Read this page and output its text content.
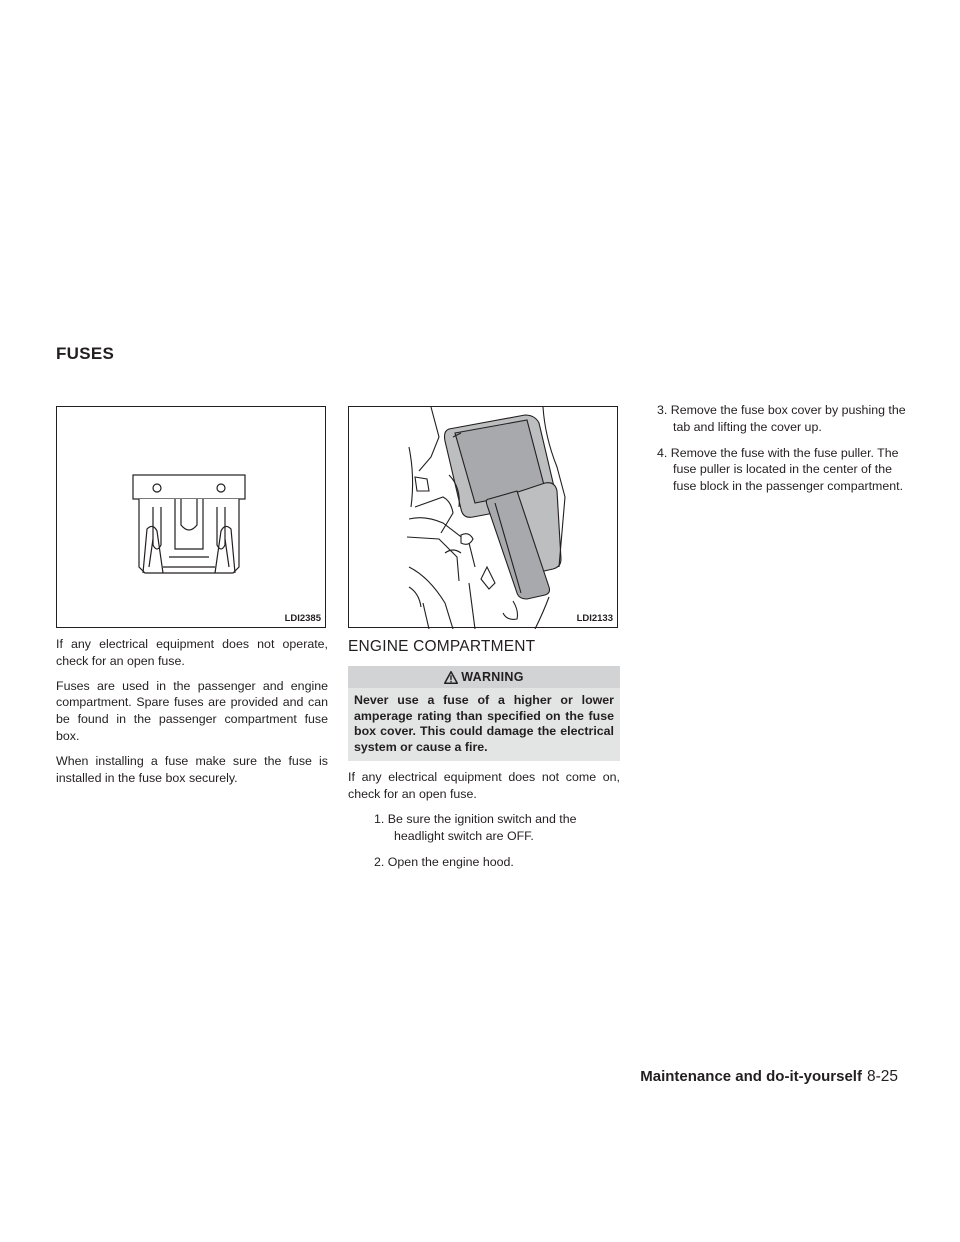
FUSES
LDI2385

If any electrical equipment does not operate, check for an open fuse.

Fuses are used in the passenger and engine compartment. Spare fuses are provided and can be found in the passenger compartment fuse box.

When installing a fuse make sure the fuse is installed in the fuse box securely.

LDI2133
ENGINE COMPARTMENT
WARNING
Never use a fuse of a higher or lower amperage rating than specified on the fuse box cover. This could damage the electrical system or cause a fire.

If any electrical equipment does not come on, check for an open fuse.

1. Be sure the ignition switch and the headlight switch are OFF.
2. Open the engine hood.
3. Remove the fuse box cover by pushing the tab and lifting the cover up.
4. Remove the fuse with the fuse puller. The fuse puller is located in the center of the fuse block in the passenger compartment.
Maintenance and do-it-yourself 8-25
